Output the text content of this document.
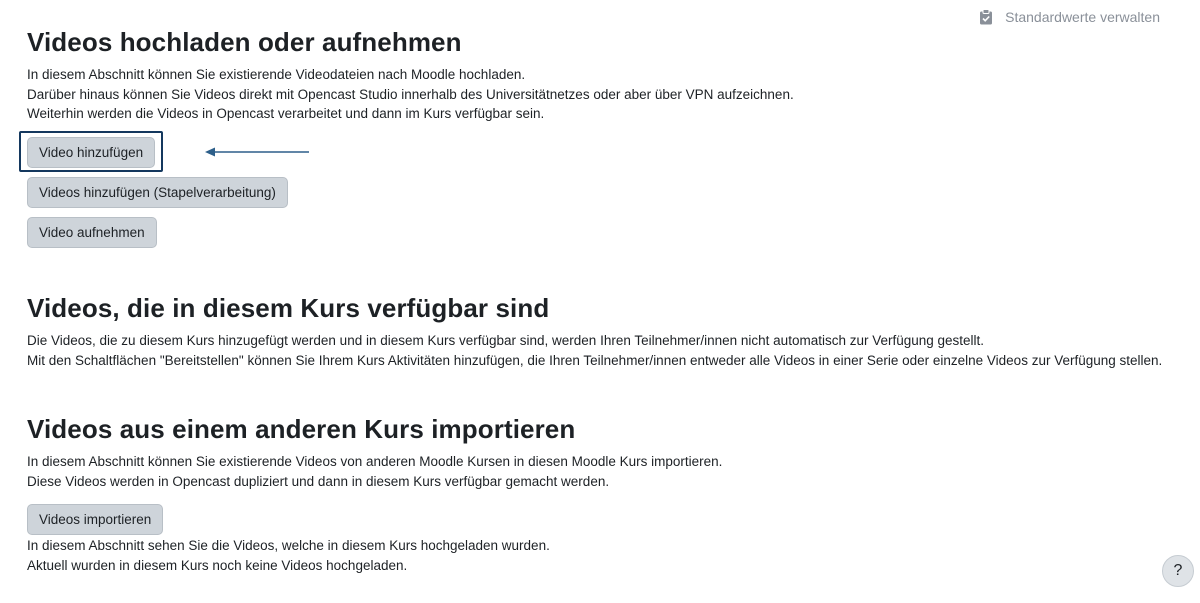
Standardwerte verwalten
Videos hochladen oder aufnehmen
In diesem Abschnitt können Sie existierende Videodateien nach Moodle hochladen.
Darüber hinaus können Sie Videos direkt mit Opencast Studio innerhalb des Universitätnetzes oder aber über VPN aufzeichnen.
Weiterhin werden die Videos in Opencast verarbeitet und dann im Kurs verfügbar sein.
Video hinzufügen
Videos hinzufügen (Stapelverarbeitung)
Video aufnehmen
Videos, die in diesem Kurs verfügbar sind
Die Videos, die zu diesem Kurs hinzugefügt werden und in diesem Kurs verfügbar sind, werden Ihren Teilnehmer/innen nicht automatisch zur Verfügung gestellt.
Mit den Schaltflächen "Bereitstellen" können Sie Ihrem Kurs Aktivitäten hinzufügen, die Ihren Teilnehmer/innen entweder alle Videos in einer Serie oder einzelne Videos zur Verfügung stellen.
Videos aus einem anderen Kurs importieren
In diesem Abschnitt können Sie existierende Videos von anderen Moodle Kursen in diesen Moodle Kurs importieren.
Diese Videos werden in Opencast dupliziert und dann in diesem Kurs verfügbar gemacht werden.
Videos importieren
In diesem Abschnitt sehen Sie die Videos, welche in diesem Kurs hochgeladen wurden.
Aktuell wurden in diesem Kurs noch keine Videos hochgeladen.	?
